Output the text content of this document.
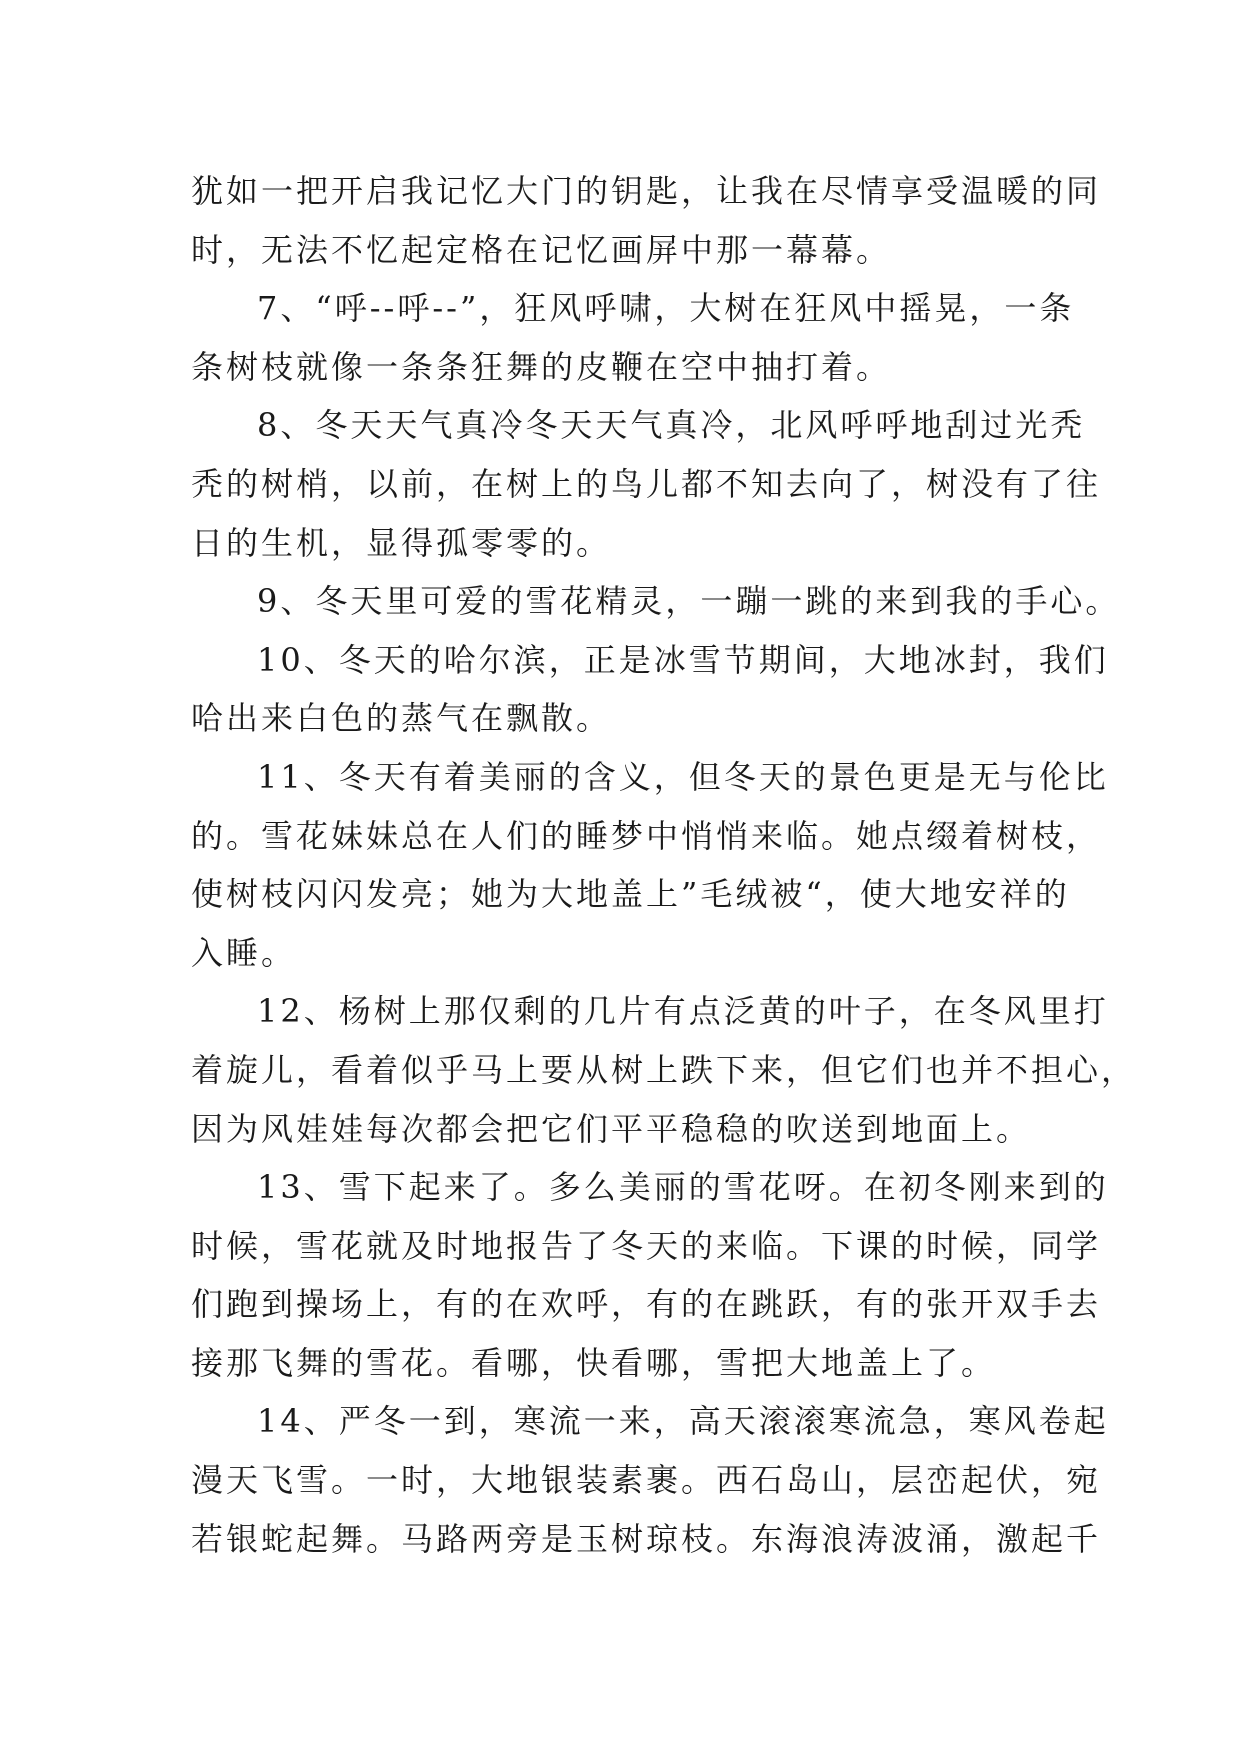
犹如一把开启我记忆大门的钥匙，让我在尽情享受温暖的同
时，无法不忆起定格在记忆画屏中那一幕幕。
7、“呼--呼--”，狂风呼啸，大树在狂风中摇晃，一条
条树枝就像一条条狂舞的皮鞭在空中抽打着。
8、冬天天气真冷冬天天气真冷，北风呼呼地刮过光秃
秃的树梢，以前，在树上的鸟儿都不知去向了，树没有了往
日的生机，显得孤零零的。
9、冬天里可爱的雪花精灵，一蹦一跳的来到我的手心。
10、冬天的哈尔滨，正是冰雪节期间，大地冰封，我们
哈出来白色的蒸气在飘散。
11、冬天有着美丽的含义，但冬天的景色更是无与伦比
的。雪花妹妹总在人们的睡梦中悄悄来临。她点缀着树枝，
使树枝闪闪发亮；她为大地盖上”毛绒被“，使大地安祥的
入睡。
12、杨树上那仅剩的几片有点泛黄的叶子，在冬风里打
着旋儿，看着似乎马上要从树上跌下来，但它们也并不担心，
因为风娃娃每次都会把它们平平稳稳的吹送到地面上。
13、雪下起来了。多么美丽的雪花呀。在初冬刚来到的
时候，雪花就及时地报告了冬天的来临。下课的时候，同学
们跑到操场上，有的在欢呼，有的在跳跃，有的张开双手去
接那飞舞的雪花。看哪，快看哪，雪把大地盖上了。
14、严冬一到，寒流一来，高天滚滚寒流急，寒风卷起
漫天飞雪。一时，大地银装素裹。西石岛山，层峦起伏，宛
若银蛇起舞。马路两旁是玉树琼枝。东海浪涛波涌，激起千
